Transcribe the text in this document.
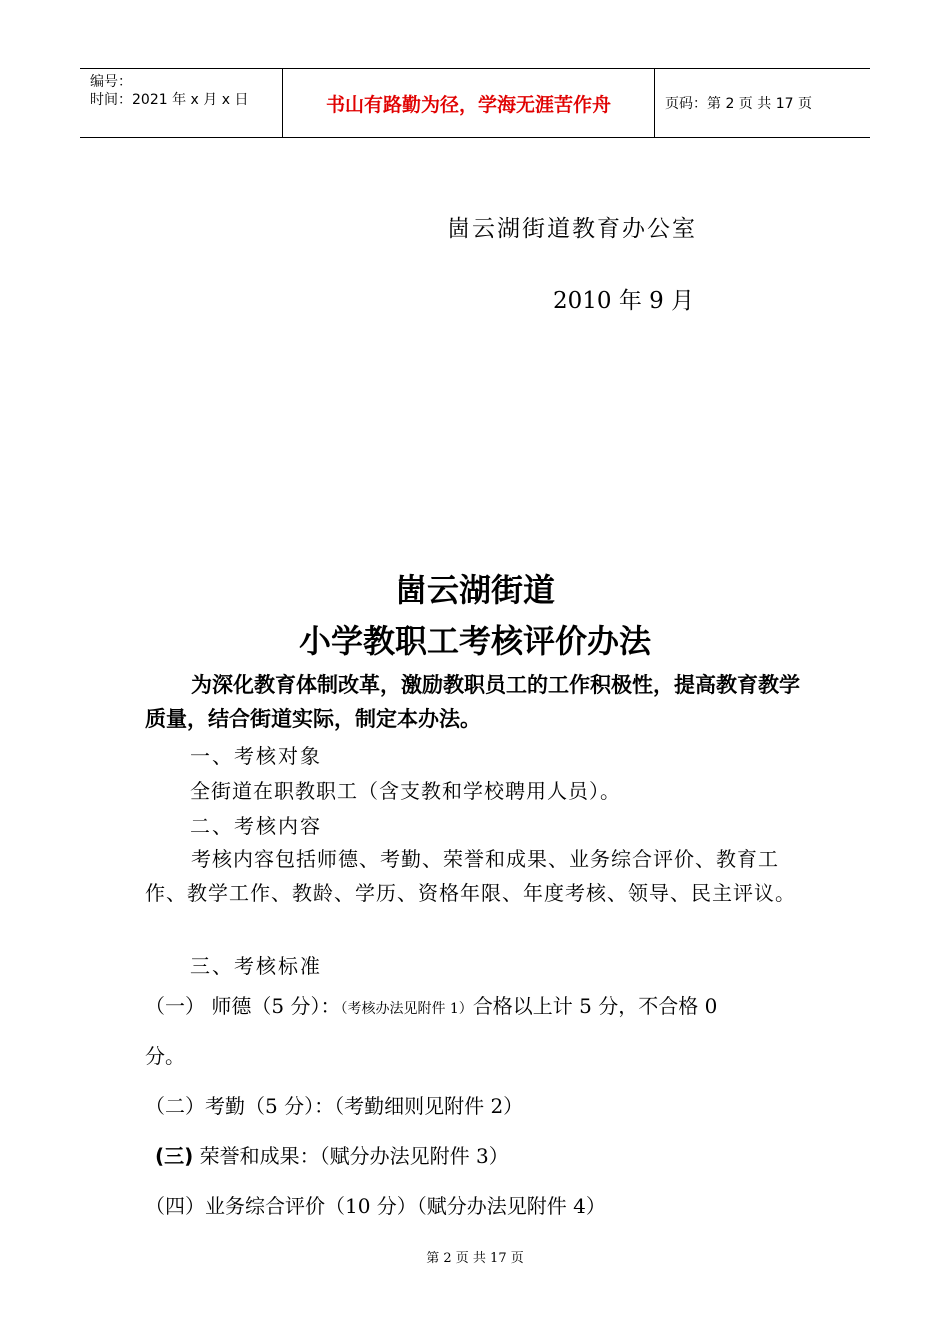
编号：
时间：2021 年 x 月 x 日	书山有路勤为径，学海无涯苦作舟	页码：第 2 页 共 17 页
崮云湖街道教育办公室
2010 年 9 月
崮云湖街道
小学教职工考核评价办法
为深化教育体制改革，激励教职员工的工作积极性，提高教育教学质量，结合街道实际，制定本办法。
一、考核对象
全街道在职教职工（含支教和学校聘用人员）。
二、考核内容
考核内容包括师德、考勤、荣誉和成果、业务综合评价、教育工作、教学工作、教龄、学历、资格年限、年度考核、领导、民主评议。
三、考核标准
（一） 师德（5 分）：（考核办法见附件 1）合格以上计 5 分，不合格 0
分。
（二）考勤（5 分）：（考勤细则见附件 2）
(三) 荣誉和成果：（赋分办法见附件 3）
（四）业务综合评价（10 分）（赋分办法见附件 4）
第 2 页 共 17 页
